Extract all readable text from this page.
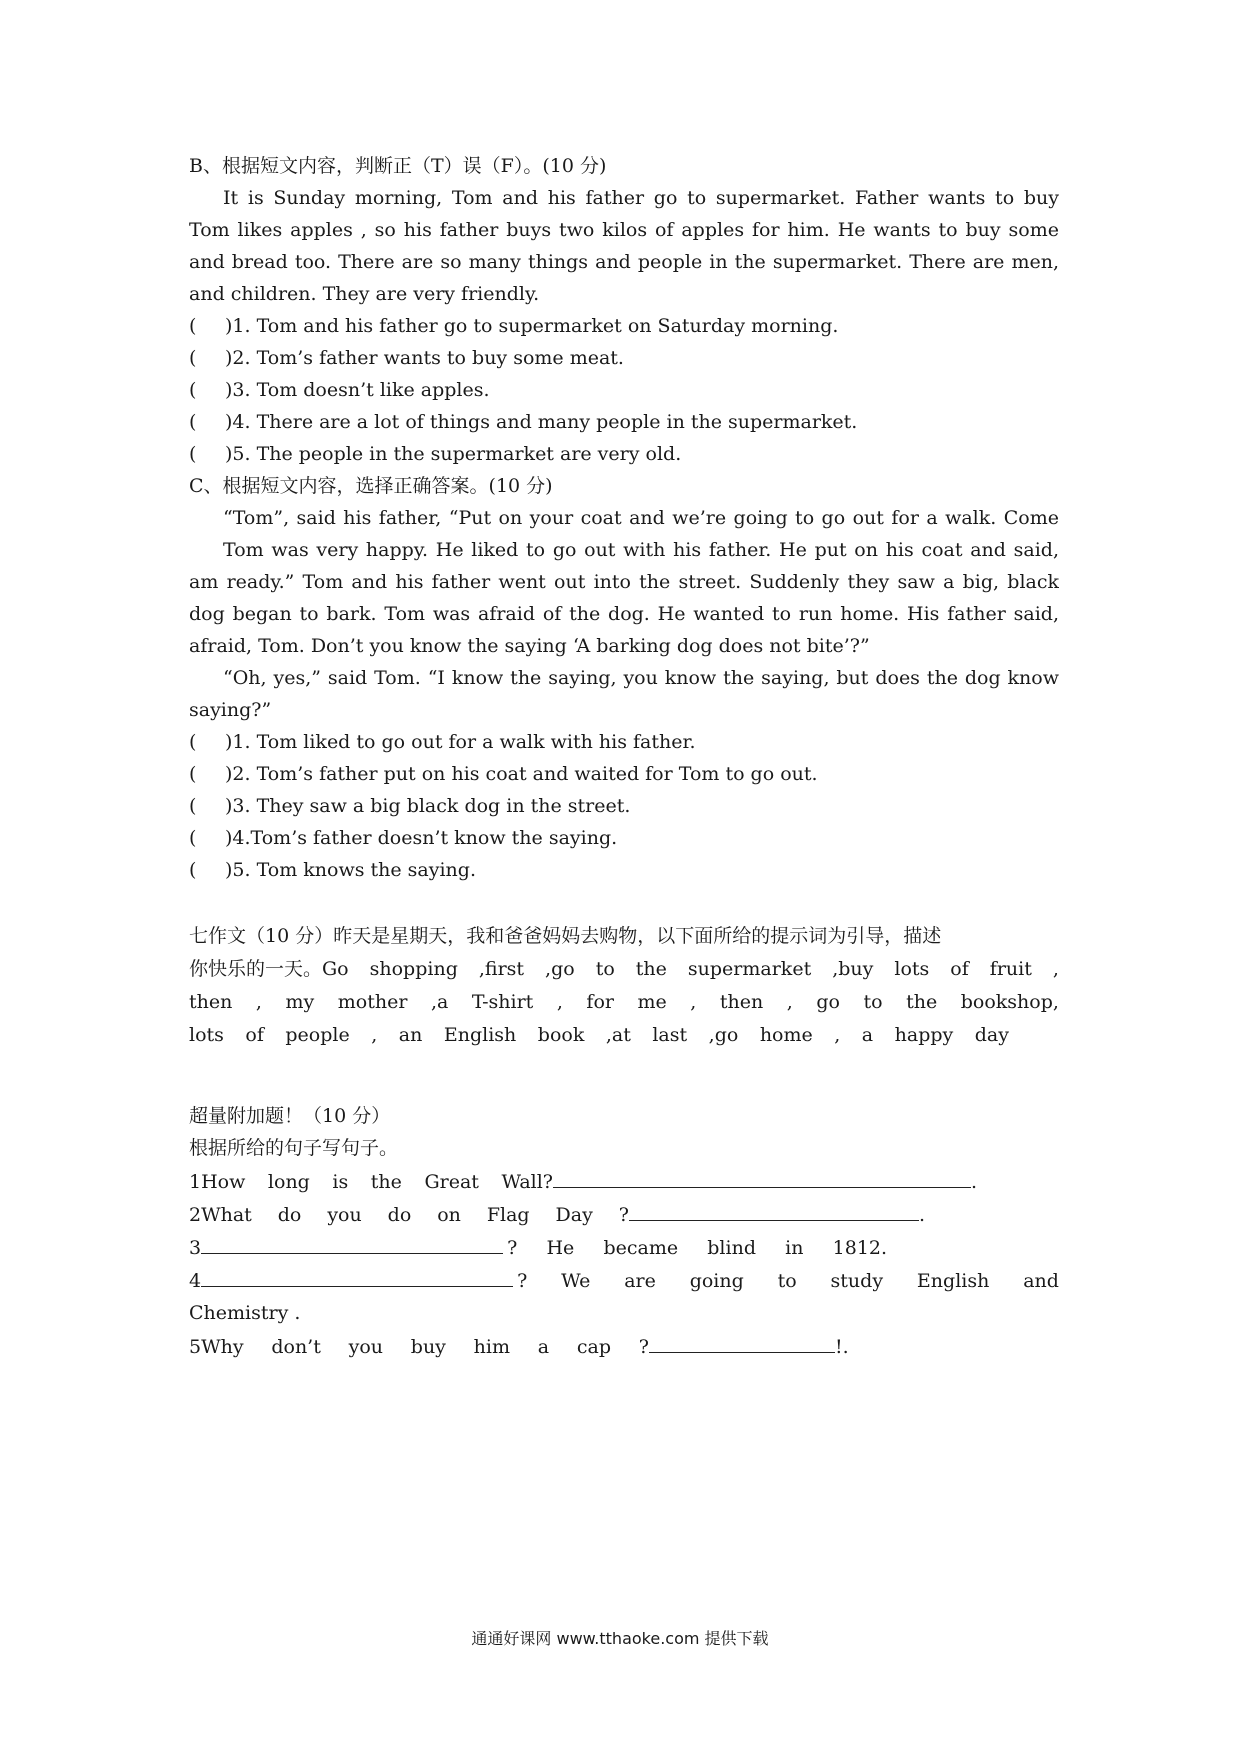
B、根据短文内容，判断正（T）误（F）。(10 分)

It is Sunday morning, Tom and his father go to supermarket. Father wants to buy

Tom likes apples , so his father buys two kilos of apples for him. He wants to buy some

and bread too. There are so many things and people in the supermarket. There are men,

and children. They are very friendly.

( )1. Tom and his father go to supermarket on Saturday morning.

( )2. Tom’s father wants to buy some meat.

( )3. Tom doesn’t like apples.

( )4. There are a lot of things and many people in the supermarket.

( )5. The people in the supermarket are very old.

C、根据短文内容，选择正确答案。(10 分)

“Tom”, said his father, “Put on your coat and we’re going to go out for a walk. Come

Tom was very happy. He liked to go out with his father. He put on his coat and said,

am ready.” Tom and his father went out into the street. Suddenly they saw a big, black

dog began to bark. Tom was afraid of the dog. He wanted to run home. His father said,

afraid, Tom. Don’t you know the saying ‘A barking dog does not bite’?”

“Oh, yes,” said Tom. “I know the saying, you know the saying, but does the dog know

saying?”

( )1. Tom liked to go out for a walk with his father.

( )2. Tom’s father put on his coat and waited for Tom to go out.

( )3. They saw a big black dog in the street.

( )4.Tom’s father doesn’t know the saying.

( )5. Tom knows the saying.

七作文（10 分）昨天是星期天，我和爸爸妈妈去购物，以下面所给的提示词为引导，描述

你快乐的一天。Go shopping ,first ,go to the supermarket ,buy lots of fruit ,
then , my mother ,a T-shirt , for me , then , go to the bookshop,
lots of people , an English book ,at last ,go home , a happy day

超量附加题！（10 分）

根据所给的句子写句子。

1How long is the Great Wall?	.
2What do you do on Flag Day ?	.
3	? He became blind in 1812.
4	? We are going to study English and

Chemistry .

5Why don’t you buy him a cap ?	!.
通通好课网 www.tthaoke.com 提供下载
